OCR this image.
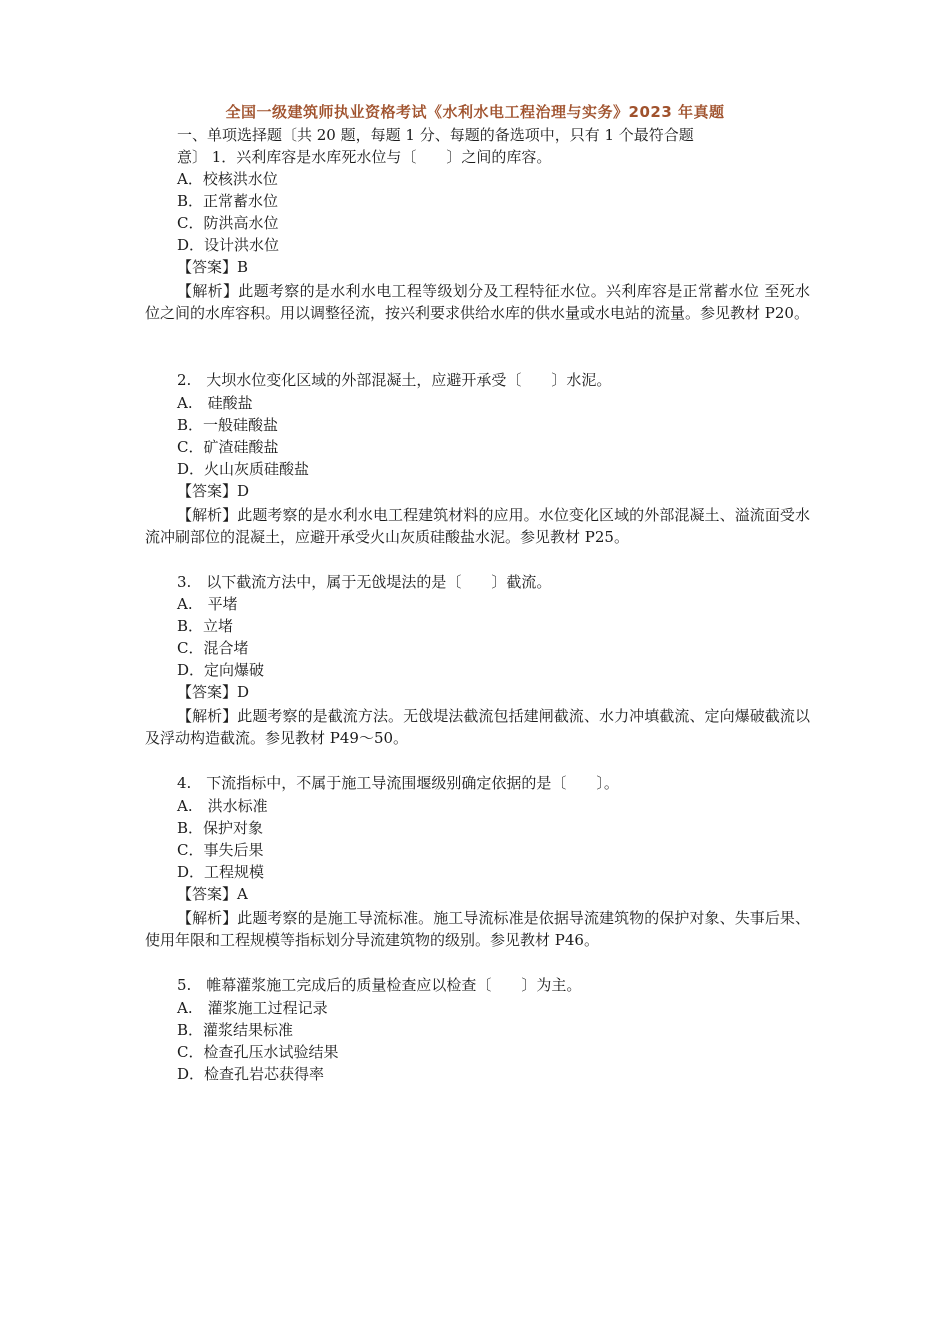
全国一级建筑师执业资格考试《水利水电工程治理与实务》2023 年真题
一、单项选择题〔共 20 题，每题 1 分、每题的备选项中，只有 1 个最符合题
意〕 1．兴利库容是水库死水位与〔　　〕之间的库容。
A．校核洪水位
B．正常蓄水位
C．防洪高水位
D．设计洪水位
【答案】B
【解析】此题考察的是水利水电工程等级划分及工程特征水位。兴利库容是正常蓄水位 至死水位之间的水库容积。用以调整径流，按兴利要求供给水库的供水量或水电站的流量。参见教材 P20。
2.　大坝水位变化区域的外部混凝土，应避开承受〔　　〕水泥。
A.　硅酸盐
B．一般硅酸盐
C．矿渣硅酸盐
D．火山灰质硅酸盐
【答案】D
【解析】此题考察的是水利水电工程建筑材料的应用。水位变化区域的外部混凝土、溢流面受水流冲刷部位的混凝土，应避开承受火山灰质硅酸盐水泥。参见教材 P25。
3.　以下截流方法中，属于无戗堤法的是〔　　〕截流。
A.　平堵
B．立堵
C．混合堵
D．定向爆破
【答案】D
【解析】此题考察的是截流方法。无戗堤法截流包括建闸截流、水力冲填截流、定向爆破截流以及浮动构造截流。参见教材 P49～50。
4.　下流指标中，不属于施工导流围堰级别确定依据的是〔　　〕。
A.　洪水标准
B．保护对象
C．事失后果
D．工程规模
【答案】A
【解析】此题考察的是施工导流标准。施工导流标准是依据导流建筑物的保护对象、失事后果、使用年限和工程规模等指标划分导流建筑物的级别。参见教材 P46。
5.　帷幕灌浆施工完成后的质量检查应以检查〔　　〕为主。
A.　灌浆施工过程记录
B．灌浆结果标准
C．检查孔压水试验结果
D．检查孔岩芯获得率
